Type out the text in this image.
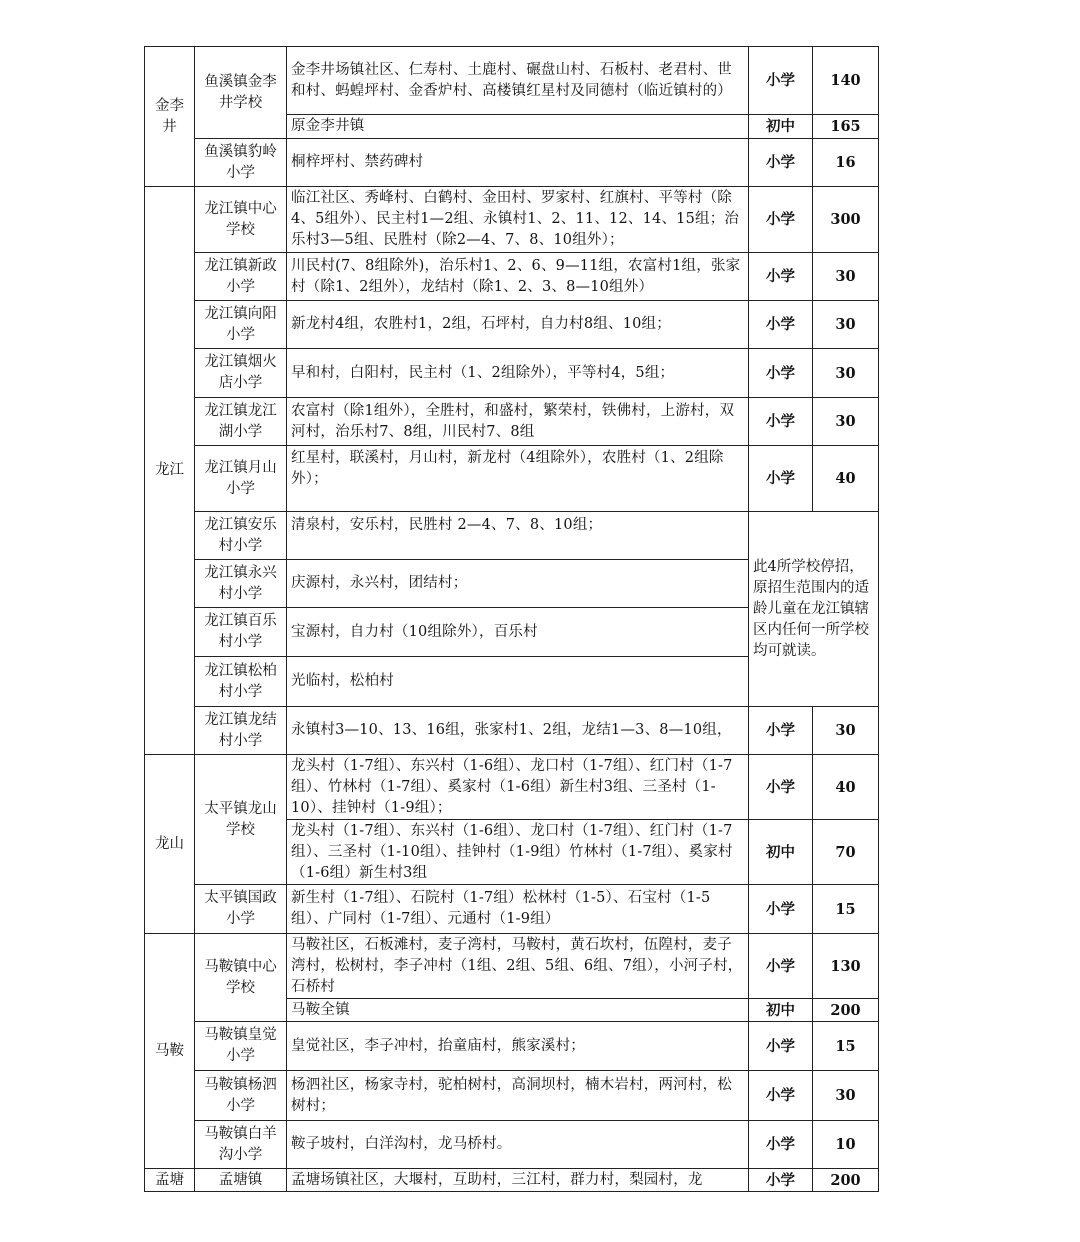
金李井	鱼溪镇金李井学校	金李井场镇社区、仁寿村、土鹿村、碾盘山村、石板村、老君村、世和村、蚂蝗坪村、金香炉村、高楼镇红星村及同德村（临近镇村的）	小学	140
		原金李井镇	初中	165
	鱼溪镇豹岭小学	桐梓坪村、禁药碑村	小学	16
龙江	龙江镇中心学校	临江社区、秀峰村、白鹤村、金田村、罗家村、红旗村、平等村（除4、5组外）、民主村1—2组、永镇村1、2、11、12、14、15组；治乐村3—5组、民胜村（除2—4、7、8、10组外）；	小学	300
	龙江镇新政小学	川民村(7、8组除外)，治乐村1、2、6、9—11组，农富村1组，张家村（除1、2组外），龙结村（除1、2、3、8—10组外）	小学	30
	龙江镇向阳小学	新龙村4组，农胜村1，2组，石坪村，自力村8组、10组；	小学	30
	龙江镇烟火店小学	早和村，白阳村，民主村（1、2组除外），平等村4，5组；	小学	30
	龙江镇龙江湖小学	农富村（除1组外），全胜村，和盛村，繁荣村，铁佛村，上游村，双河村，治乐村7、8组，川民村7、8组	小学	30
	龙江镇月山小学	红星村，联溪村，月山村，新龙村（4组除外），农胜村（1、2组除外）；	小学	40
	龙江镇安乐村小学	清泉村，安乐村，民胜村 2—4、7、8、10组；	此4所学校停招，原招生范围内的适龄儿童在龙江镇辖区内任何一所学校均可就读。	
	龙江镇永兴村小学	庆源村，永兴村，团结村；		
	龙江镇百乐村小学	宝源村，自力村（10组除外），百乐村		
	龙江镇松柏村小学	光临村，松柏村		
	龙江镇龙结村小学	永镇村3—10、13、16组，张家村1、2组，龙结1—3、8—10组，	小学	30
龙山	太平镇龙山学校	龙头村（1-7组）、东兴村（1-6组）、龙口村（1-7组）、红门村（1-7组）、竹林村（1-7组）、奚家村（1-6组）新生村3组、三圣村（1-10）、挂钟村（1-9组）；	小学	40
		龙头村（1-7组）、东兴村（1-6组）、龙口村（1-7组）、红门村（1-7组）、三圣村（1-10组）、挂钟村（1-9组）竹林村（1-7组）、奚家村（1-6组）新生村3组	初中	70
	太平镇国政小学	新生村（1-7组）、石院村（1-7组）松林村（1-5）、石宝村（1-5组）、广同村（1-7组）、元通村（1-9组）	小学	15
马鞍	马鞍镇中心学校	马鞍社区，石板滩村，麦子湾村，马鞍村，黄石坎村，伍隍村，麦子湾村，松树村，李子冲村（1组、2组、5组、6组、7组），小河子村，石桥村	小学	130
		马鞍全镇	初中	200
	马鞍镇皇觉小学	皇觉社区，李子冲村，抬童庙村，熊家溪村；	小学	15
	马鞍镇杨泗小学	杨泗社区，杨家寺村，驼柏树村，高洞坝村，楠木岩村，两河村，松树村；	小学	30
	马鞍镇白羊沟小学	鞍子坡村，白洋沟村，龙马桥村。	小学	10
孟塘	孟塘镇	孟塘场镇社区，大堰村，互助村，三江村，群力村，梨园村，龙	小学	200
